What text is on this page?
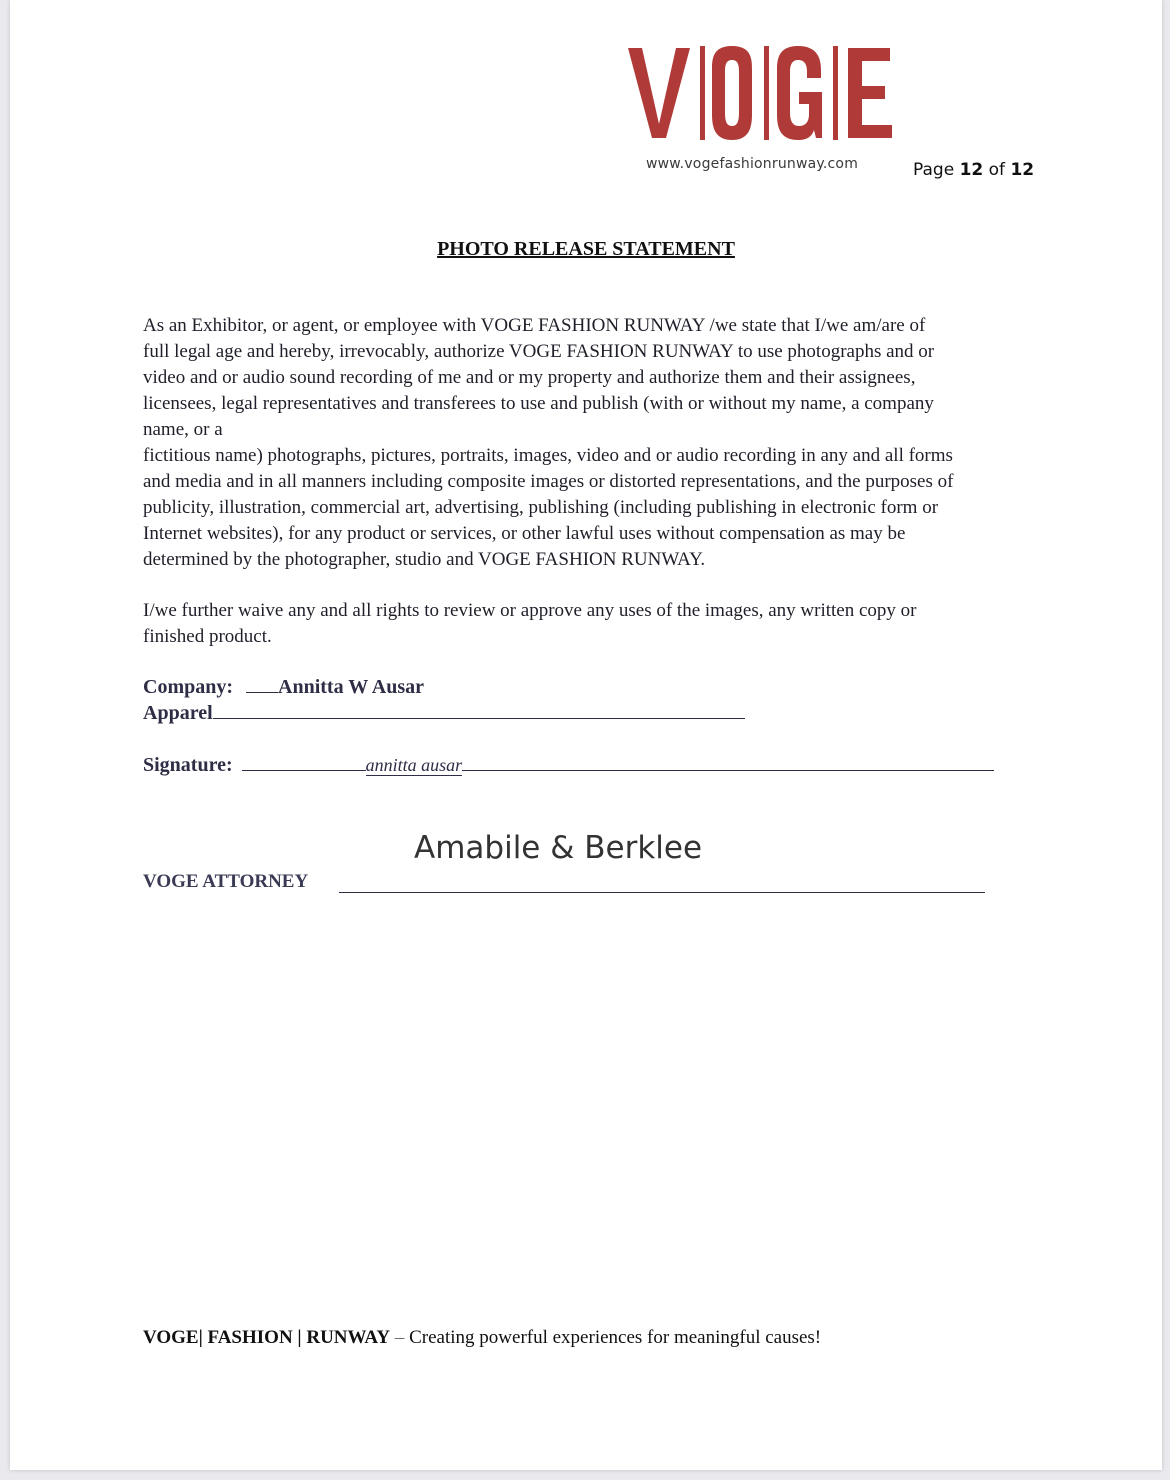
www.vogefashionrunway.com	Page 12 of 12
PHOTO RELEASE STATEMENT
As an Exhibitor, or agent, or employee with VOGE FASHION RUNWAY /we state that I/we am/are of
full legal age and hereby, irrevocably, authorize VOGE FASHION RUNWAY to use photographs and or
video and or audio sound recording of me and or my property and authorize them and their assignees,
licensees, legal representatives and transferees to use and publish (with or without my name, a company
name, or a
fictitious name) photographs, pictures, portraits, images, video and or audio recording in any and all forms
and media and in all manners including composite images or distorted representations, and the purposes of
publicity, illustration, commercial art, advertising, publishing (including publishing in electronic form or
Internet websites), for any product or services, or other lawful uses without compensation as may be
determined by the photographer, studio and VOGE FASHION RUNWAY.
I/we further waive any and all rights to review or approve any uses of the images, any written copy or
finished product.
Company: Annitta W Ausar
Apparel
Signature:	annitta ausar
Amabile & Berklee
VOGE ATTORNEY
VOGE| FASHION | RUNWAY – Creating powerful experiences for meaningful causes!
